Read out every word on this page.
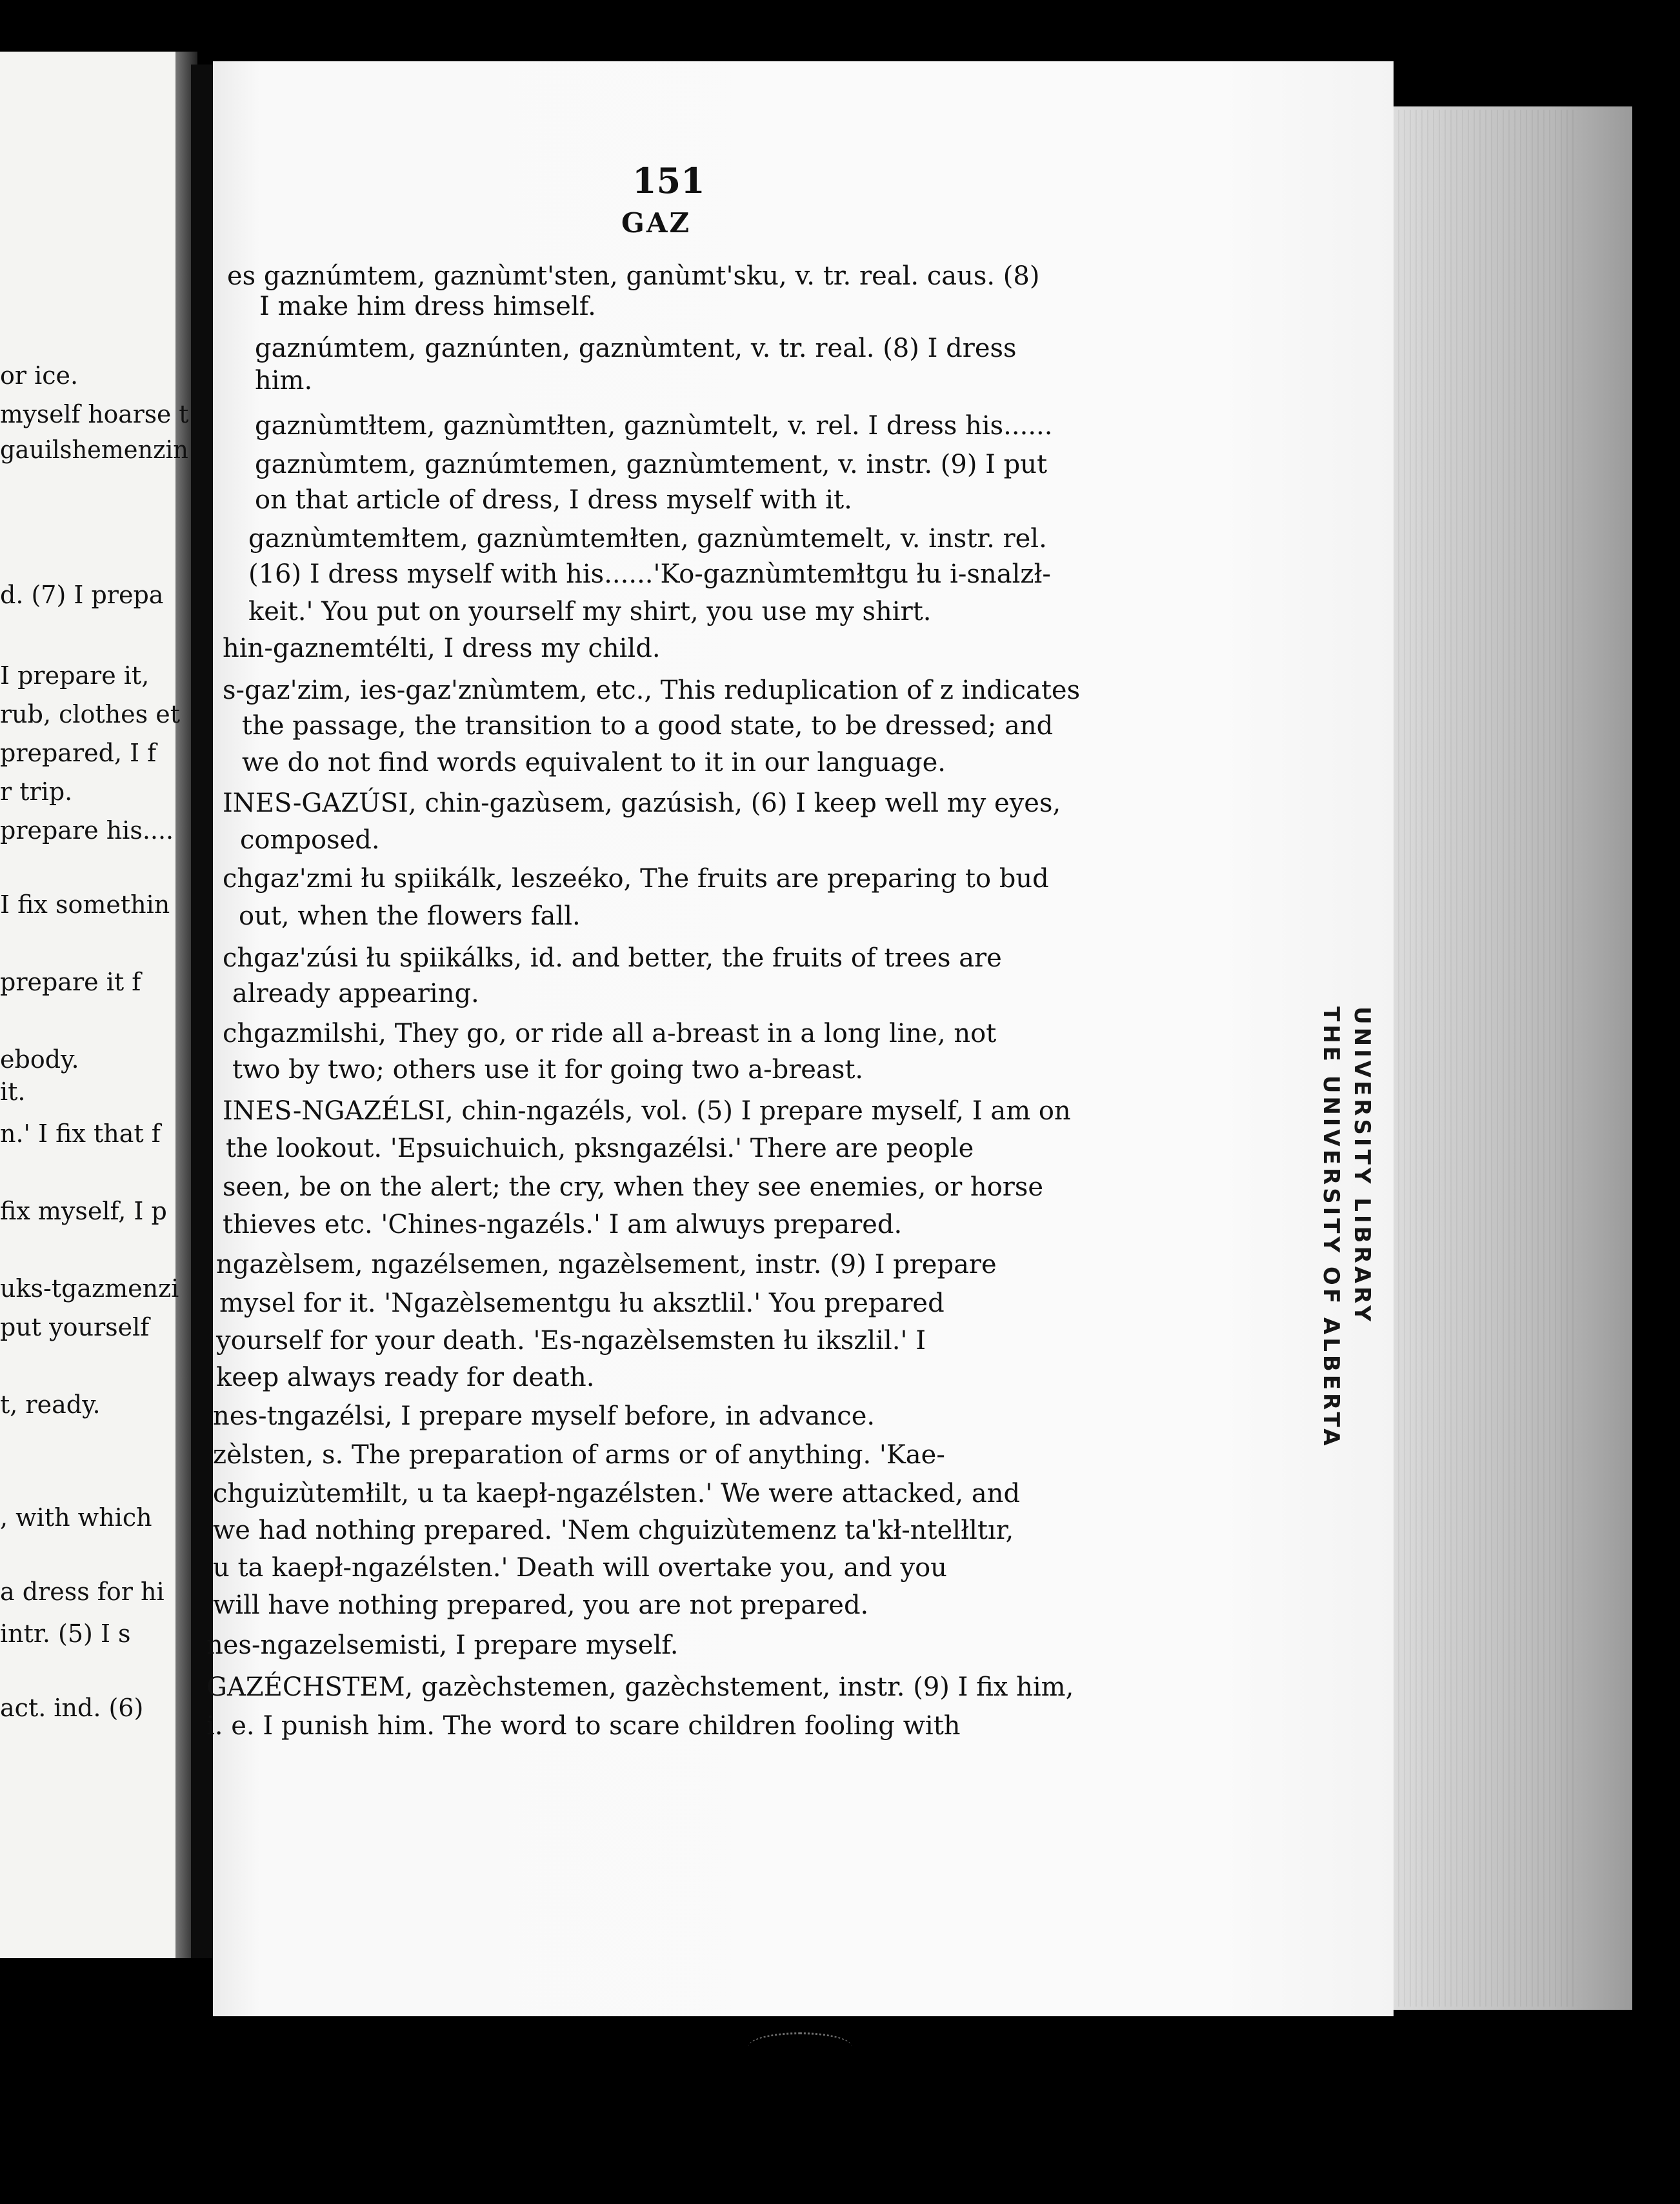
or ice.
myself hoarse t
gauilshemenzin
d. (7) I prepa
I prepare it,
rub, clothes et
prepared, I f
r trip.
prepare his....
I fix somethin
prepare it f
ebody.
it.
n.' I fix that f
fix myself, I p
uks-tgazmenzi
put yourself
t, ready.
, with which
a dress for hi
intr. (5) I s
act. ind. (6)
151
GAZ
es gaznúmtem, gaznùmt'sten, ganùmt'sku, v. tr. real. caus. (8)
I make him dress himself.
gaznúmtem, gaznúnten, gaznùmtent, v. tr. real. (8) I dress
him.
gaznùmtłtem, gaznùmtłten, gaznùmtelt, v. rel. I dress his......
gaznùmtem, gaznúmtemen, gaznùmtement, v. instr. (9) I put
on that article of dress, I dress myself with it.
gaznùmtemłtem, gaznùmtemłten, gaznùmtemelt, v. instr. rel.
(16) I dress myself with his......'Ko-gaznùmtemłtgu łu i-snalzł-
keit.' You put on yourself my shirt, you use my shirt.
hin-gaznemtélti, I dress my child.
s-gaz'zim, ies-gaz'znùmtem, etc., This reduplication of z indicates
the passage, the transition to a good state, to be dressed; and
we do not find words equivalent to it in our language.
INES-GAZÚSI, chin-gazùsem, gazúsish, (6) I keep well my eyes,
composed.
chgaz'zmi łu spiikálk, leszeéko, The fruits are preparing to bud
out, when the flowers fall.
chgaz'zúsi łu spiikálks, id. and better, the fruits of trees are
already appearing.
chgazmilshi, They go, or ride all a-breast in a long line, not
two by two; others use it for going two a-breast.
INES-NGAZÉLSI, chin-ngazéls, vol. (5) I prepare myself, I am on
the lookout. 'Epsuichuich, pksngazélsi.' There are people
seen, be on the alert; the cry, when they see enemies, or horse
thieves etc. 'Chines-ngazéls.' I am alwuys prepared.
ngazèlsem, ngazélsemen, ngazèlsement, instr. (9) I prepare
mysel for it. 'Ngazèlsementgu łu aksztlil.' You prepared
yourself for your death. 'Es-ngazèlsemsten łu ikszlil.' I
keep always ready for death.
nes-tngazélsi, I prepare myself before, in advance.
zèlsten, s. The preparation of arms or of anything. 'Kae-
chguizùtemłilt, u ta kaepł-ngazélsten.' We were attacked, and
we had nothing prepared. 'Nem chguizùtemenz ta'kł-ntelłltır,
u ta kaepł-ngazélsten.' Death will overtake you, and you
will have nothing prepared, you are not prepared.
nes-ngazelsemisti, I prepare myself.
GAZÉCHSTEM, gazèchstemen, gazèchstement, instr. (9) I fix him,
i. e. I punish him. The word to scare children fooling with
UNIVERSITY LIBRARY
THE UNIVERSITY OF ALBERTA
